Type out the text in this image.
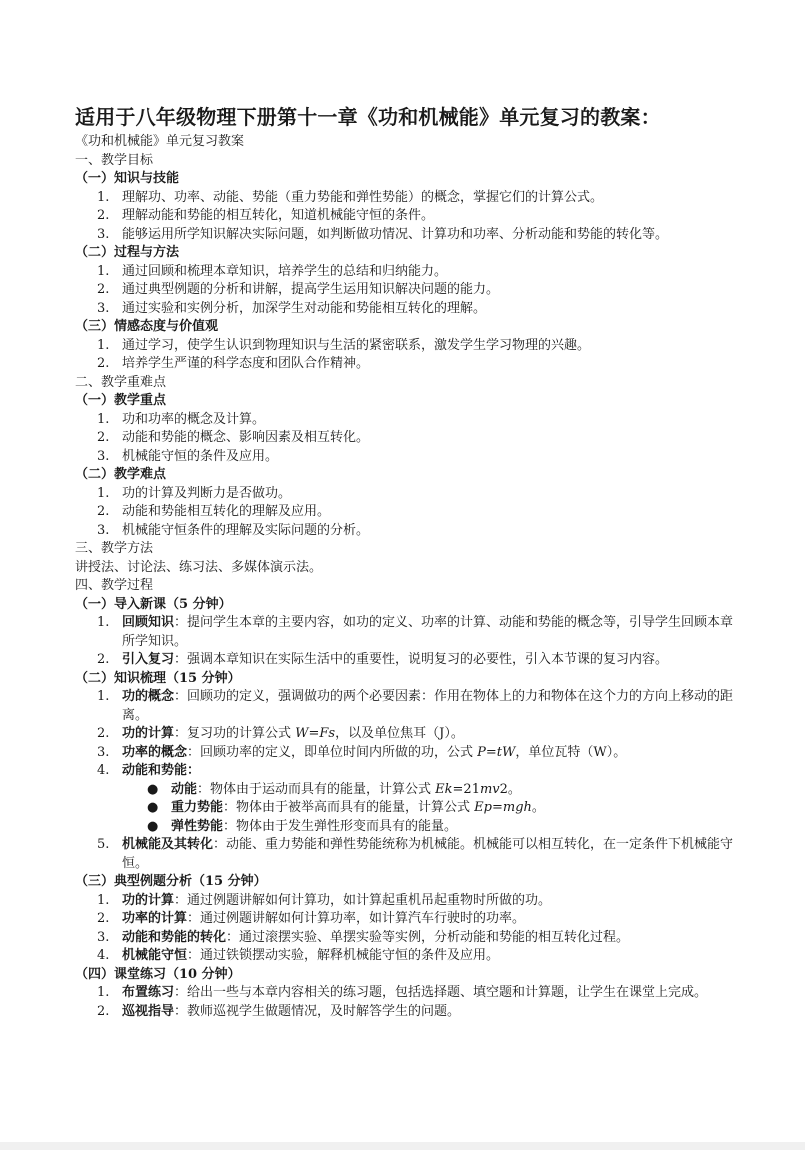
适用于八年级物理下册第十一章《功和机械能》单元复习的教案：
《功和机械能》单元复习教案
一、教学目标
（一）知识与技能
1. 理解功、功率、动能、势能（重力势能和弹性势能）的概念，掌握它们的计算公式。
2. 理解动能和势能的相互转化，知道机械能守恒的条件。
3. 能够运用所学知识解决实际问题，如判断做功情况、计算功和功率、分析动能和势能的转化等。
（二）过程与方法
1. 通过回顾和梳理本章知识，培养学生的总结和归纳能力。
2. 通过典型例题的分析和讲解，提高学生运用知识解决问题的能力。
3. 通过实验和实例分析，加深学生对动能和势能相互转化的理解。
（三）情感态度与价值观
1. 通过学习，使学生认识到物理知识与生活的紧密联系，激发学生学习物理的兴趣。
2. 培养学生严谨的科学态度和团队合作精神。
二、教学重难点
（一）教学重点
1. 功和功率的概念及计算。
2. 动能和势能的概念、影响因素及相互转化。
3. 机械能守恒的条件及应用。
（二）教学难点
1. 功的计算及判断力是否做功。
2. 动能和势能相互转化的理解及应用。
3. 机械能守恒条件的理解及实际问题的分析。
三、教学方法
讲授法、讨论法、练习法、多媒体演示法。
四、教学过程
（一）导入新课（5 分钟）
1. 回顾知识：提问学生本章的主要内容，如功的定义、功率的计算、动能和势能的概念等，引导学生回顾本章所学知识。
2. 引入复习：强调本章知识在实际生活中的重要性，说明复习的必要性，引入本节课的复习内容。
（二）知识梳理（15 分钟）
1. 功的概念：回顾功的定义，强调做功的两个必要因素：作用在物体上的力和物体在这个力的方向上移动的距离。
2. 功的计算：复习功的计算公式 W=Fs，以及单位焦耳（J）。
3. 功率的概念：回顾功率的定义，即单位时间内所做的功，公式 P=tW，单位瓦特（W）。
4. 动能和势能：
● 动能：物体由于运动而具有的能量，计算公式 Ek=21mv2。
● 重力势能：物体由于被举高而具有的能量，计算公式 Ep=mgh。
● 弹性势能：物体由于发生弹性形变而具有的能量。
5. 机械能及其转化：动能、重力势能和弹性势能统称为机械能。机械能可以相互转化，在一定条件下机械能守恒。
（三）典型例题分析（15 分钟）
1. 功的计算：通过例题讲解如何计算功，如计算起重机吊起重物时所做的功。
2. 功率的计算：通过例题讲解如何计算功率，如计算汽车行驶时的功率。
3. 动能和势能的转化：通过滚摆实验、单摆实验等实例，分析动能和势能的相互转化过程。
4. 机械能守恒：通过铁锁摆动实验，解释机械能守恒的条件及应用。
（四）课堂练习（10 分钟）
1. 布置练习：给出一些与本章内容相关的练习题，包括选择题、填空题和计算题，让学生在课堂上完成。
2. 巡视指导：教师巡视学生做题情况，及时解答学生的问题。
